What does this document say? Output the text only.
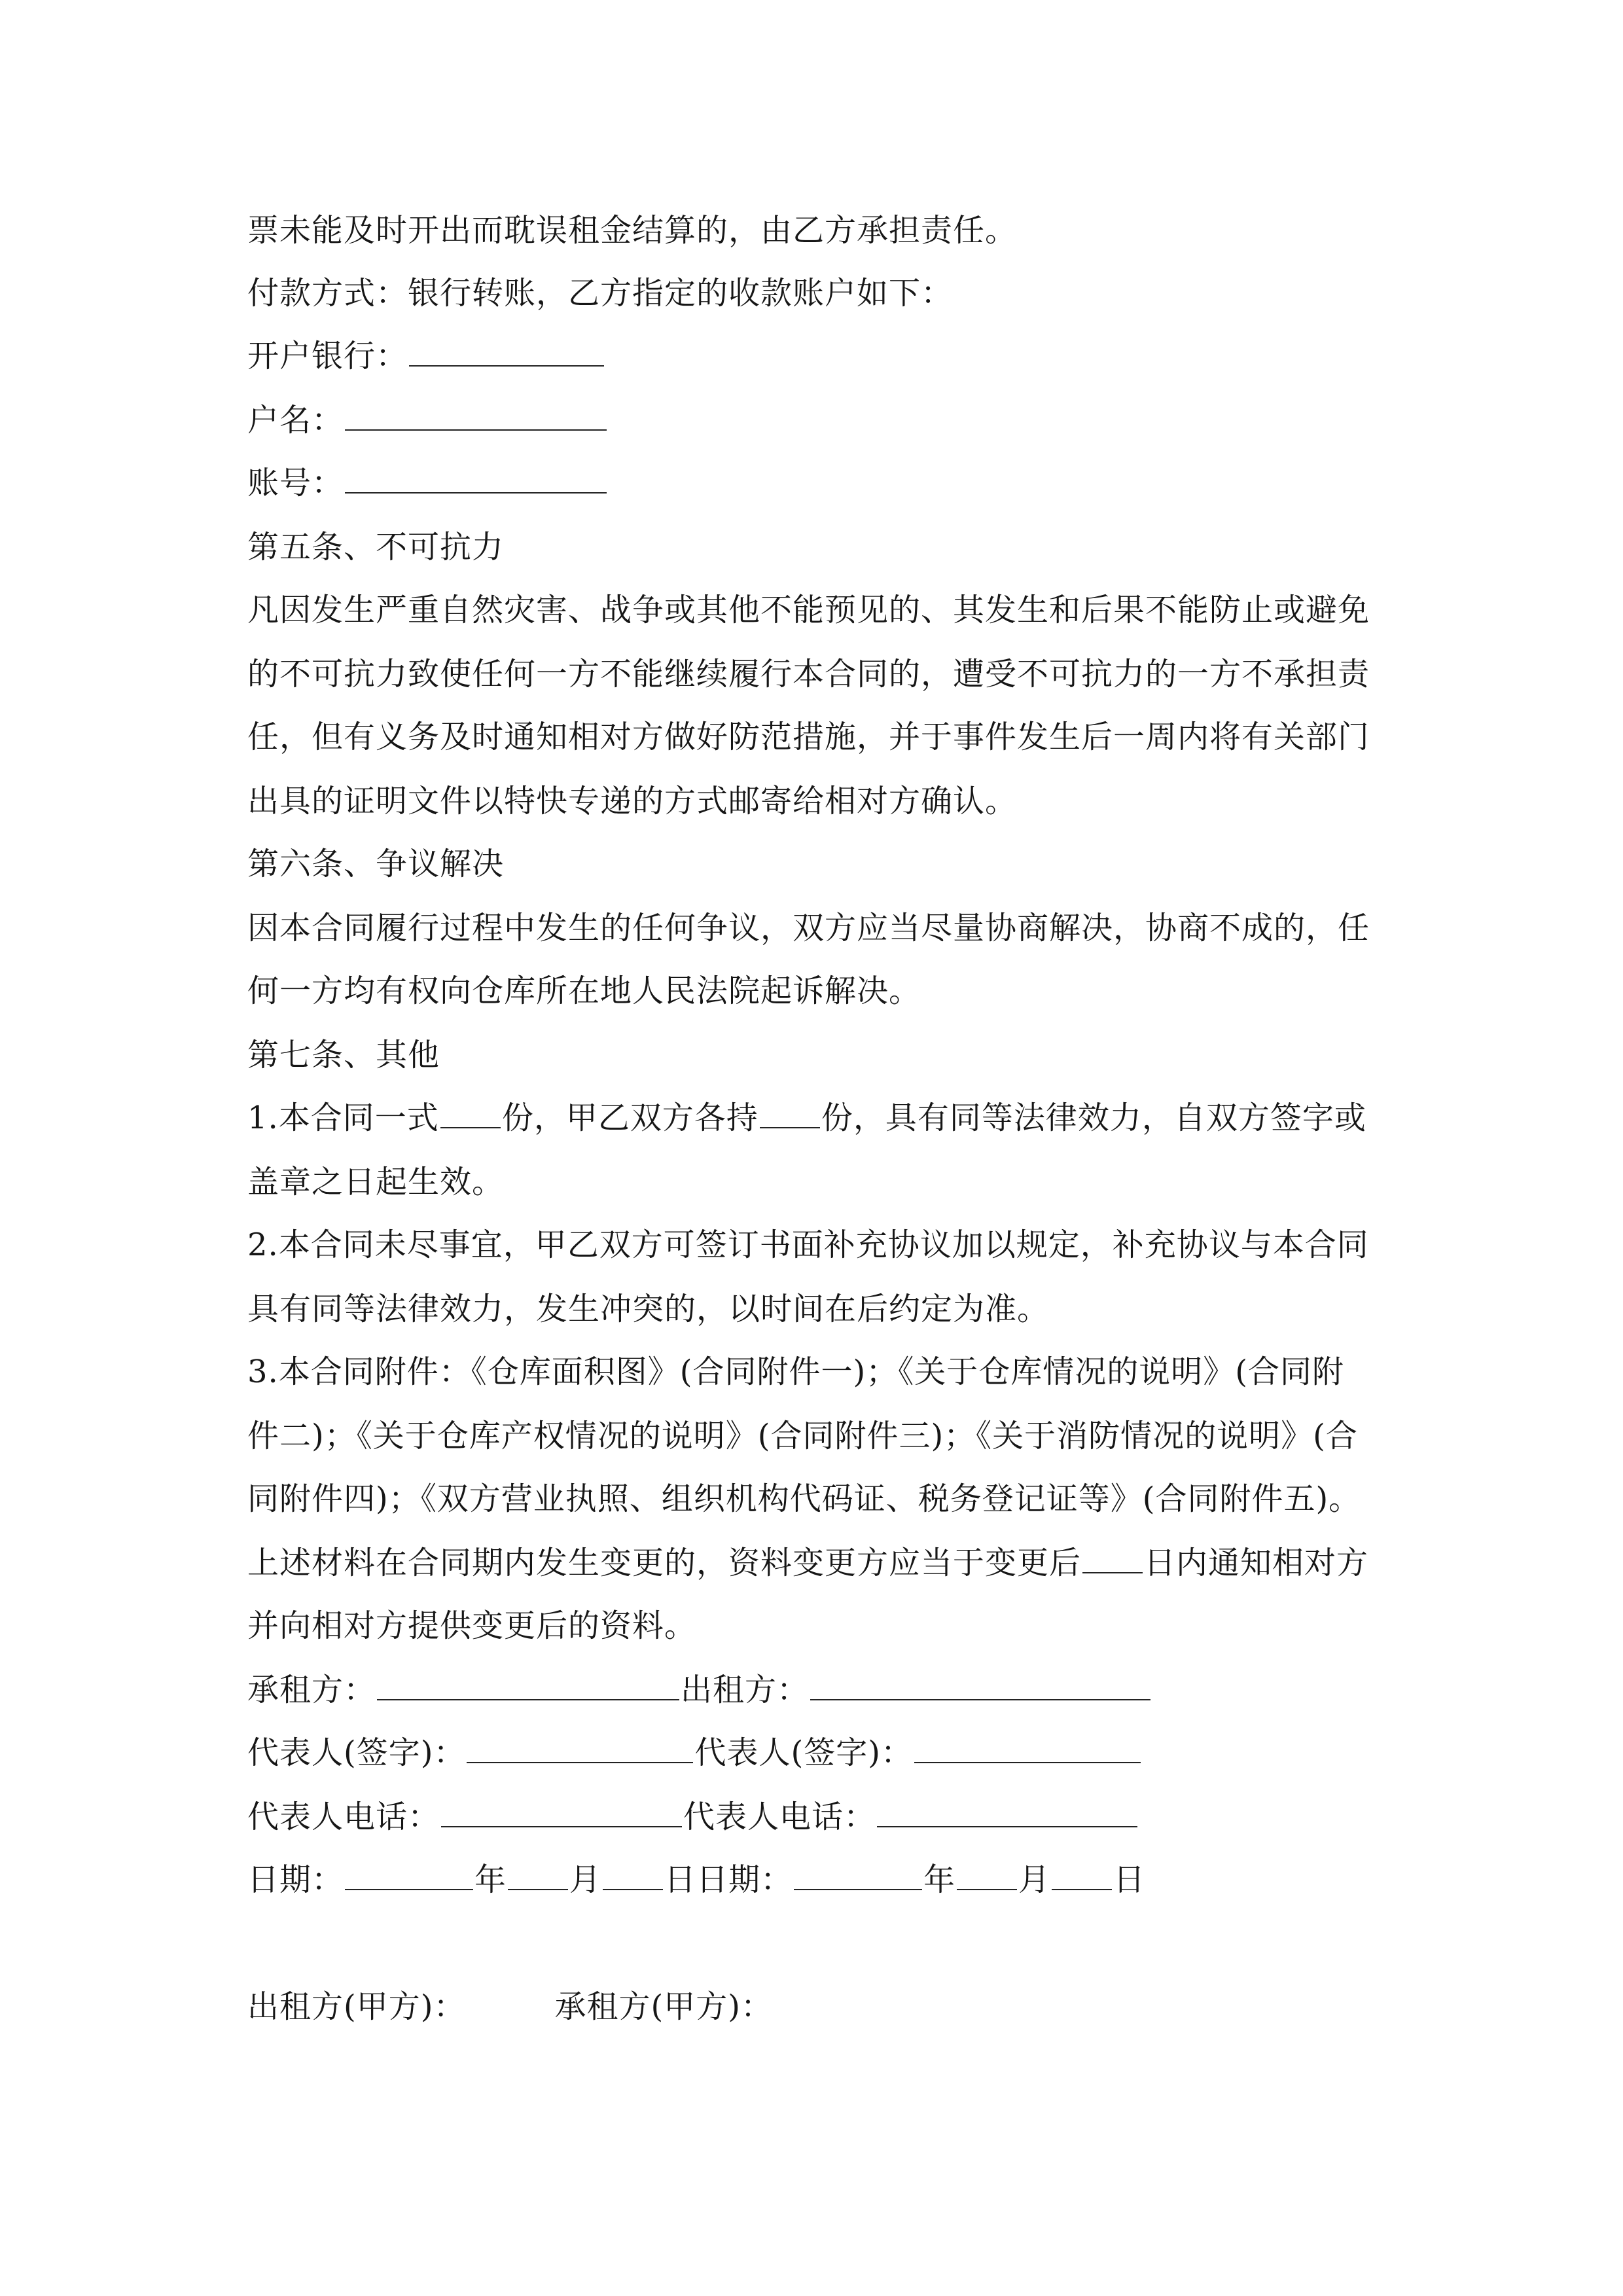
票未能及时开出而耽误租金结算的，由乙方承担责任。
付款方式：银行转账，乙方指定的收款账户如下：
开户银行：
户名：
账号：
第五条、不可抗力
凡因发生严重自然灾害、战争或其他不能预见的、其发生和后果不能防止或避免
的不可抗力致使任何一方不能继续履行本合同的，遭受不可抗力的一方不承担责
任，但有义务及时通知相对方做好防范措施，并于事件发生后一周内将有关部门
出具的证明文件以特快专递的方式邮寄给相对方确认。
第六条、争议解决
因本合同履行过程中发生的任何争议，双方应当尽量协商解决，协商不成的，任
何一方均有权向仓库所在地人民法院起诉解决。
第七条、其他
1.本合同一式 份，甲乙双方各持 份，具有同等法律效力，自双方签字或
盖章之日起生效。
2.本合同未尽事宜，甲乙双方可签订书面补充协议加以规定，补充协议与本合同
具有同等法律效力，发生冲突的，以时间在后约定为准。
3.本合同附件：《仓库面积图》(合同附件一)；《关于仓库情况的说明》(合同附
件二)；《关于仓库产权情况的说明》(合同附件三)；《关于消防情况的说明》(合
同附件四)；《双方营业执照、组织机构代码证、税务登记证等》(合同附件五)。
上述材料在合同期内发生变更的，资料变更方应当于变更后 日内通知相对方
并向相对方提供变更后的资料。
承租方：	出租方：
代表人(签字)：	代表人(签字)：
代表人电话：	代表人电话：
日期：	年 月 日日期：	年 月 日
出租方(甲方)：	承租方(甲方)：
